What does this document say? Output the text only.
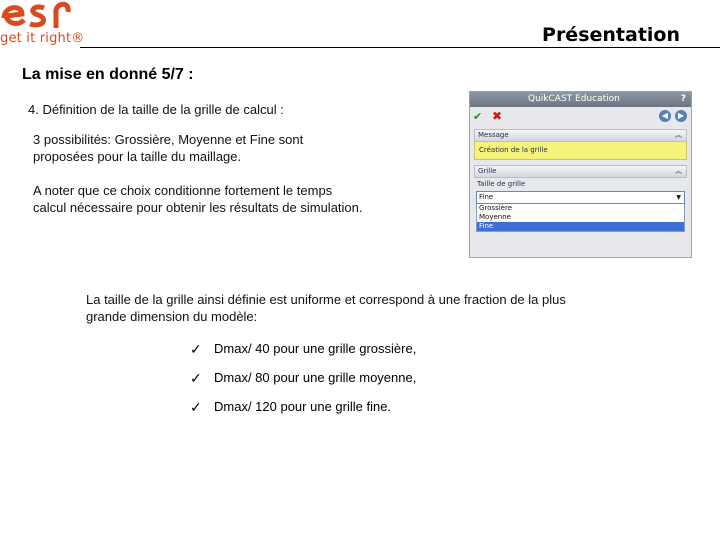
get it right®	Présentation
La mise en donné 5/7 :
4. Définition de la taille de la grille de calcul :
3 possibilités: Grossière, Moyenne et Fine sont proposées pour la taille du maillage.
A noter que ce choix conditionne fortement le temps calcul nécessaire pour obtenir les résultats de simulation.
La taille de la grille ainsi définie est uniforme et correspond à une fraction de la plus grande dimension du modèle:
✓ Dmax/ 40 pour une grille grossière,
✓ Dmax/ 80 pour une grille moyenne,
✓ Dmax/ 120 pour une grille fine.
QuikCAST Education	?
✔ ✖	◀	▶
Message	︽
Création de la grille
Grille	︽
Taille de grille
Fine	▼
Grossière
Moyenne
Fine
